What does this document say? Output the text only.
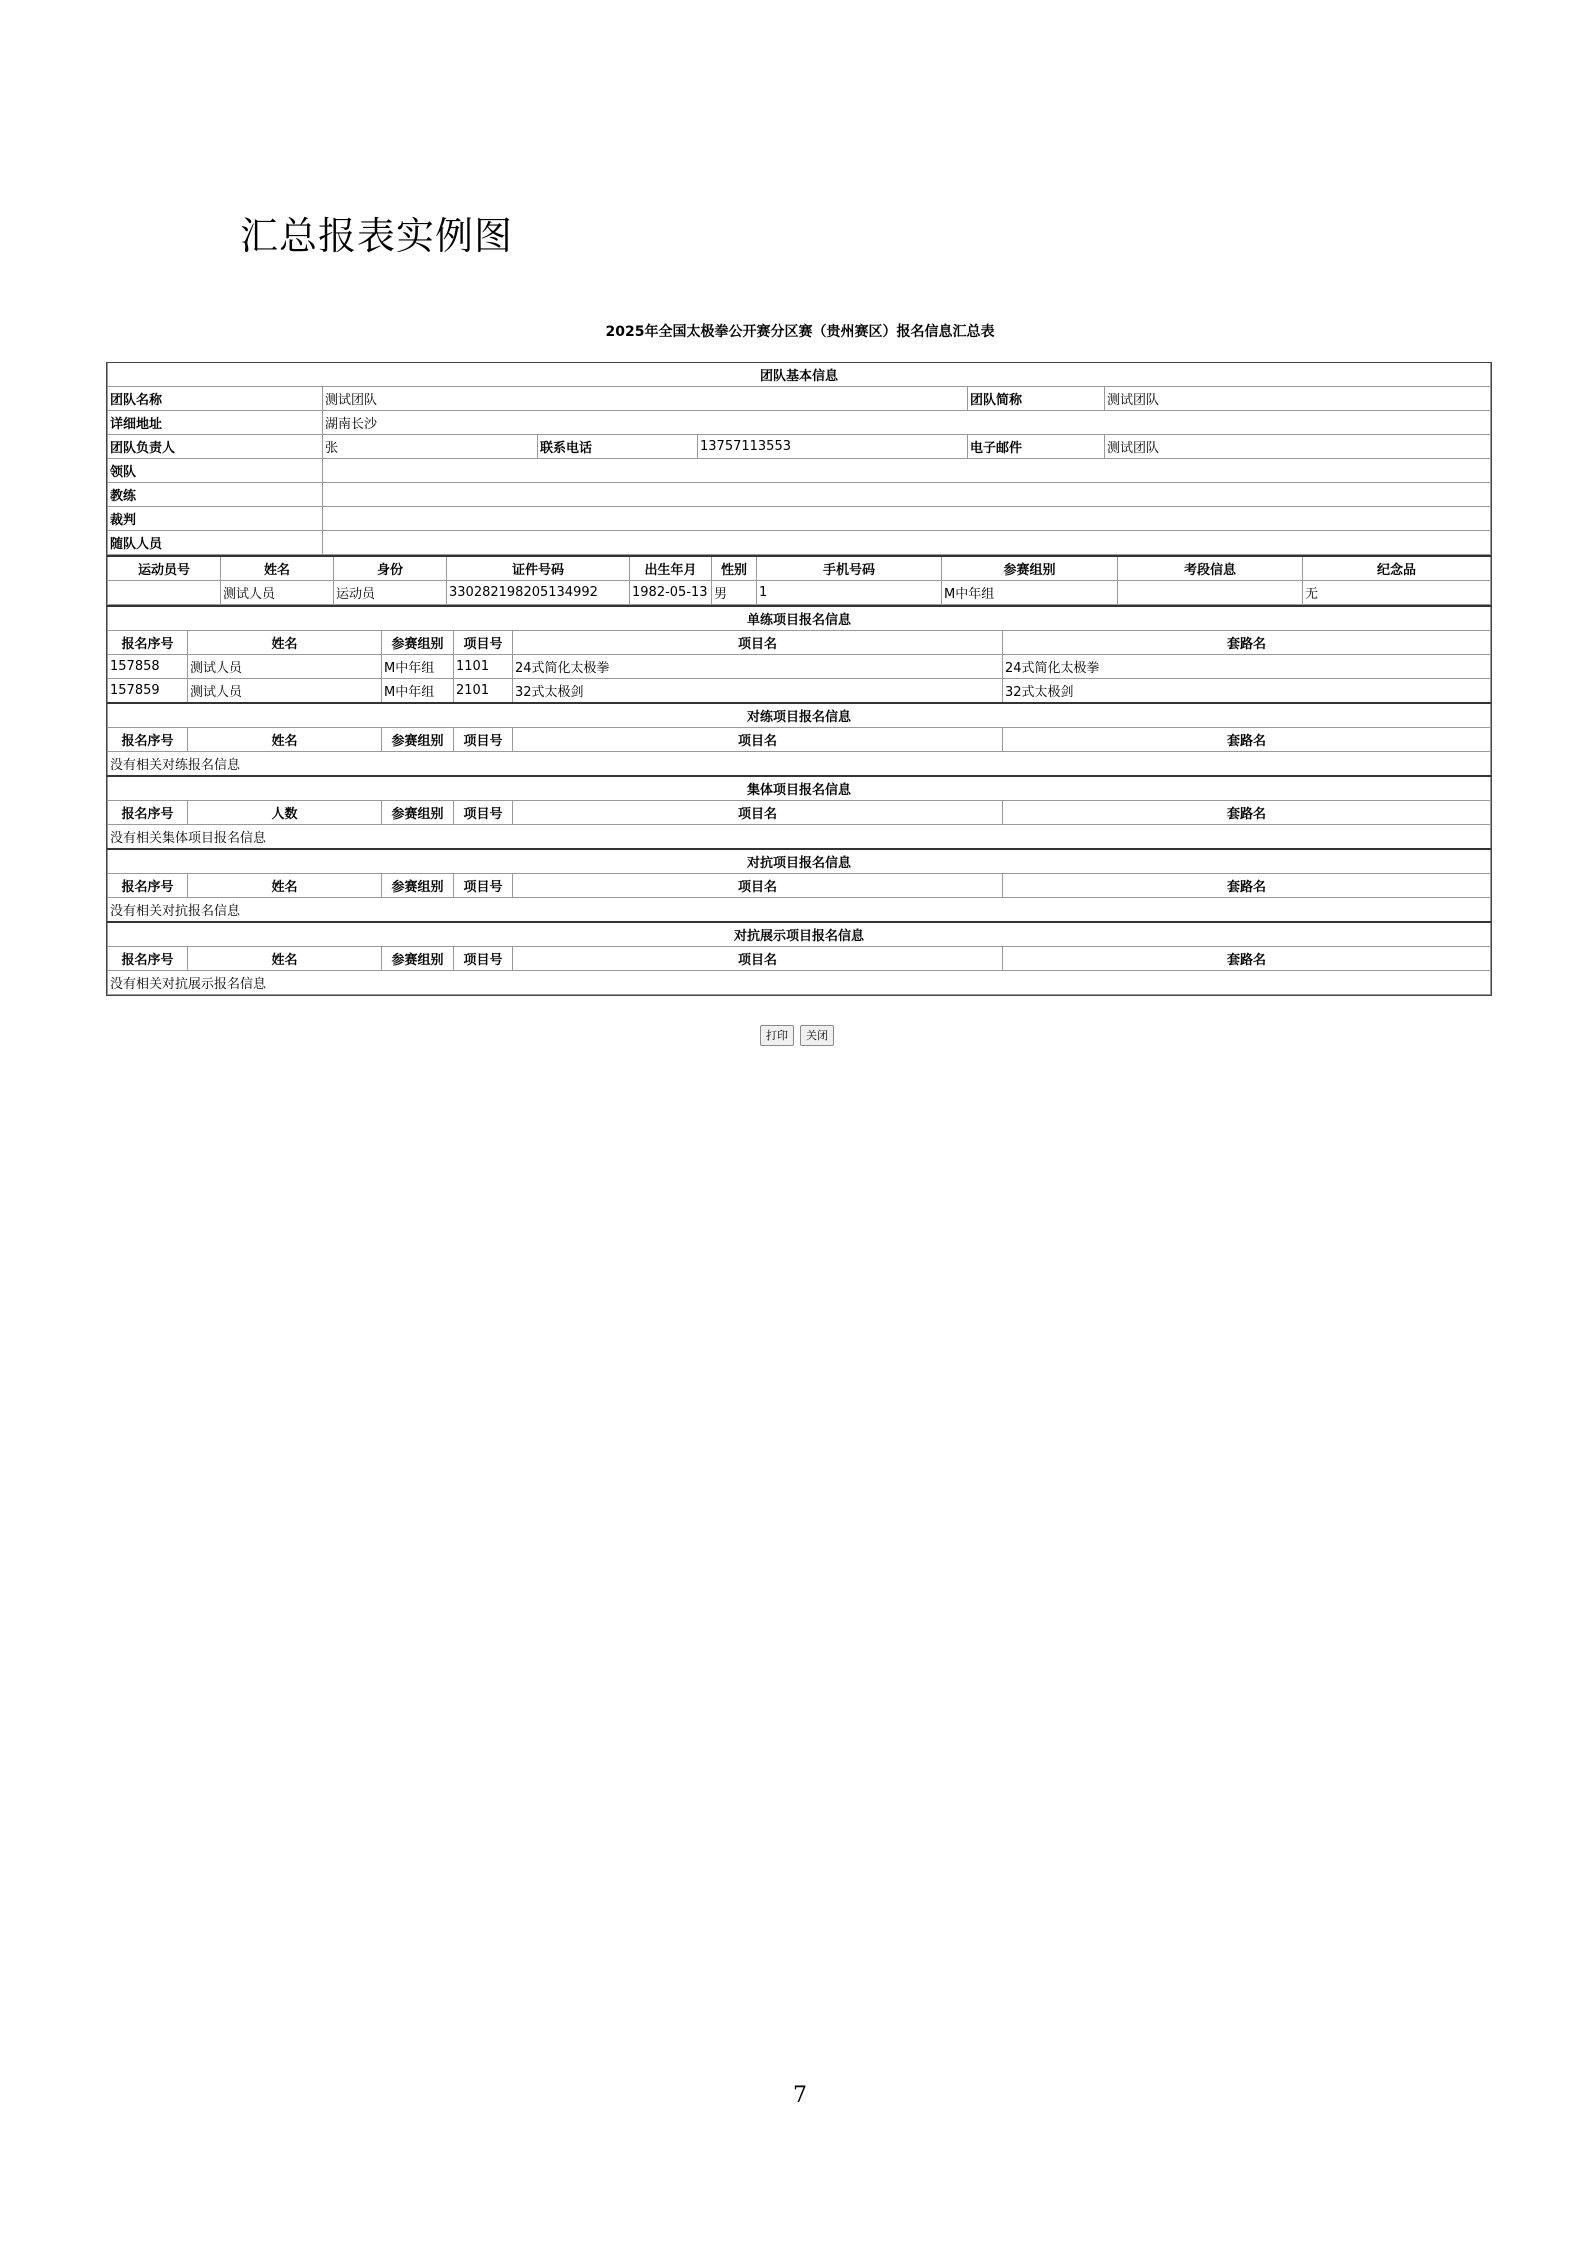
汇总报表实例图
2025年全国太极拳公开赛分区赛（贵州赛区）报名信息汇总表
团队基本信息					
团队名称	测试团队			团队简称	测试团队
详细地址	湖南长沙				
团队负责人	张	联系电话	13757113553	电子邮件	测试团队
领队					
教练					
裁判					
随队人员					
运动员号	姓名	身份	证件号码	出生年月	性别	手机号码	参赛组别	考段信息	纪念品
	测试人员	运动员	330282198205134992	1982-05-13	男	1	M中年组		无
单练项目报名信息					
报名序号	姓名	参赛组别	项目号	项目名	套路名
157858	测试人员	M中年组	1101	24式简化太极拳	24式简化太极拳
157859	测试人员	M中年组	2101	32式太极剑	32式太极剑
对练项目报名信息					
报名序号	姓名	参赛组别	项目号	项目名	套路名
没有相关对练报名信息					
集体项目报名信息					
报名序号	人数	参赛组别	项目号	项目名	套路名
没有相关集体项目报名信息					
对抗项目报名信息					
报名序号	姓名	参赛组别	项目号	项目名	套路名
没有相关对抗报名信息					
对抗展示项目报名信息					
报名序号	姓名	参赛组别	项目号	项目名	套路名
没有相关对抗展示报名信息					
打印	关闭
7
